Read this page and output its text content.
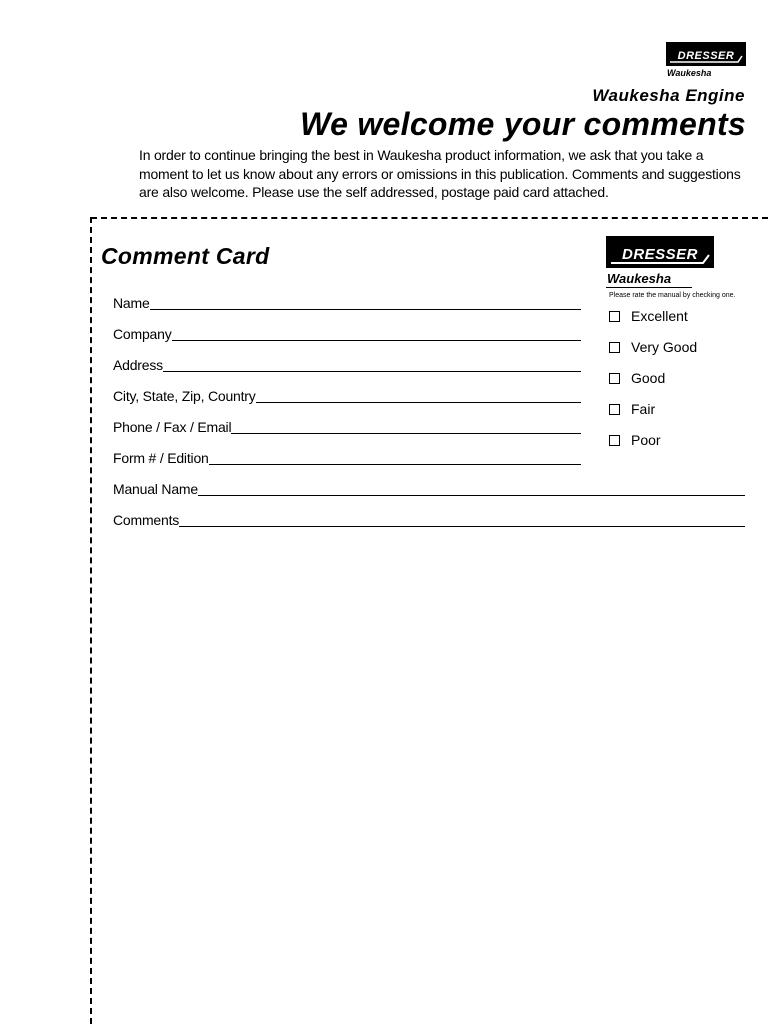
DRESSER
Waukesha
Waukesha Engine
We welcome your comments
In order to continue bringing the best in Waukesha product information, we ask that you take a moment to let us know about any errors or omissions in this publication. Comments and suggestions are also welcome. Please use the self addressed, postage paid card attached.
Comment Card	DRESSER
Waukesha
Please rate the manual by checking one.
Name
Company
Address
City, State, Zip, Country
Phone / Fax / Email
Form # / Edition
Manual Name
Comments
Excellent
Very Good
Good
Fair
Poor
